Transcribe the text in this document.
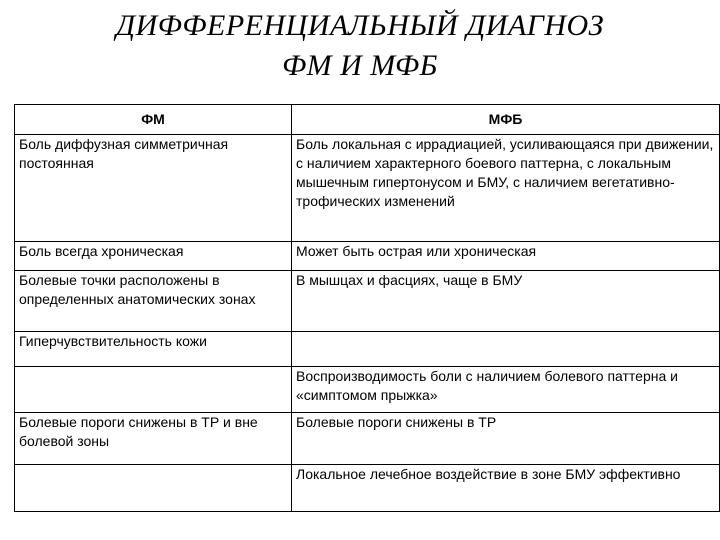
ДИФФЕРЕНЦИАЛЬНЫЙ ДИАГНОЗ
ФМ И МФБ
ФМ	МФБ

Боль диффузная симметричная постоянная	Боль локальная с иррадиацией, усиливающаяся при движении, с наличием характерного боевого паттерна, с локальным мышечным гипертонусом и БМУ, с наличием вегетативно-трофических изменений

Боль всегда хроническая	Может быть острая или хроническая

Болевые точки расположены в определенных анатомических зонах	В мышцах и фасциях, чаще в БМУ

Гиперчувствительность кожи	

	Воспроизводимость боли с наличием болевого паттерна и «симптомом прыжка»

Болевые пороги снижены в ТР и вне болевой зоны	Болевые пороги снижены в ТР

	Локальное лечебное воздействие в зоне БМУ эффективно
